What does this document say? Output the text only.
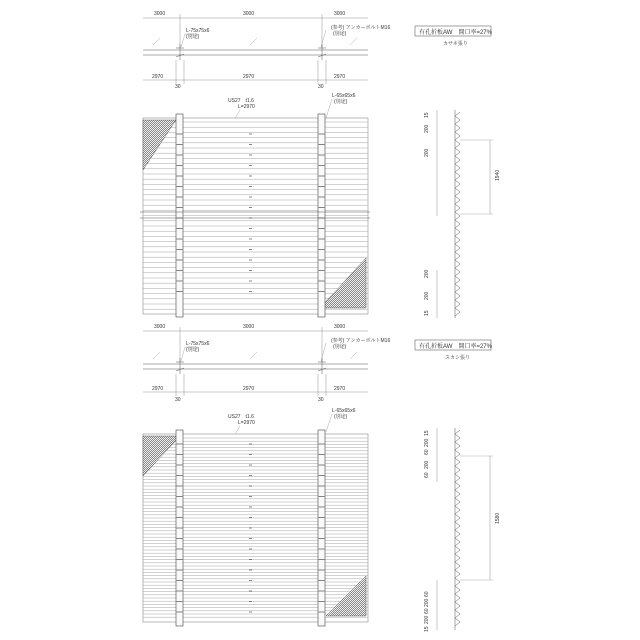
3000	3000	3000
L-75x75x6
(別途)
(参考) アンカーボルトM16
(別途)
2970	2970	2970
30	30
US27　t1.6
L=2970
L-65x65x6
(別途)
有孔折板AW　開口率=27%
カサネ張り
15
200
200
1940
200
200
15
3000	3000	3000
L-75x75x6
(別途)
(参考) アンカーボルトM16
(別途)
2970	2970	2970
30	30
US27　t1.6
L=2970
L-65x65x6
(別途)
有孔折板AW　開口率=27%
スカシ張り
15
200
60
200
60
1580
60
200
60
200
15
